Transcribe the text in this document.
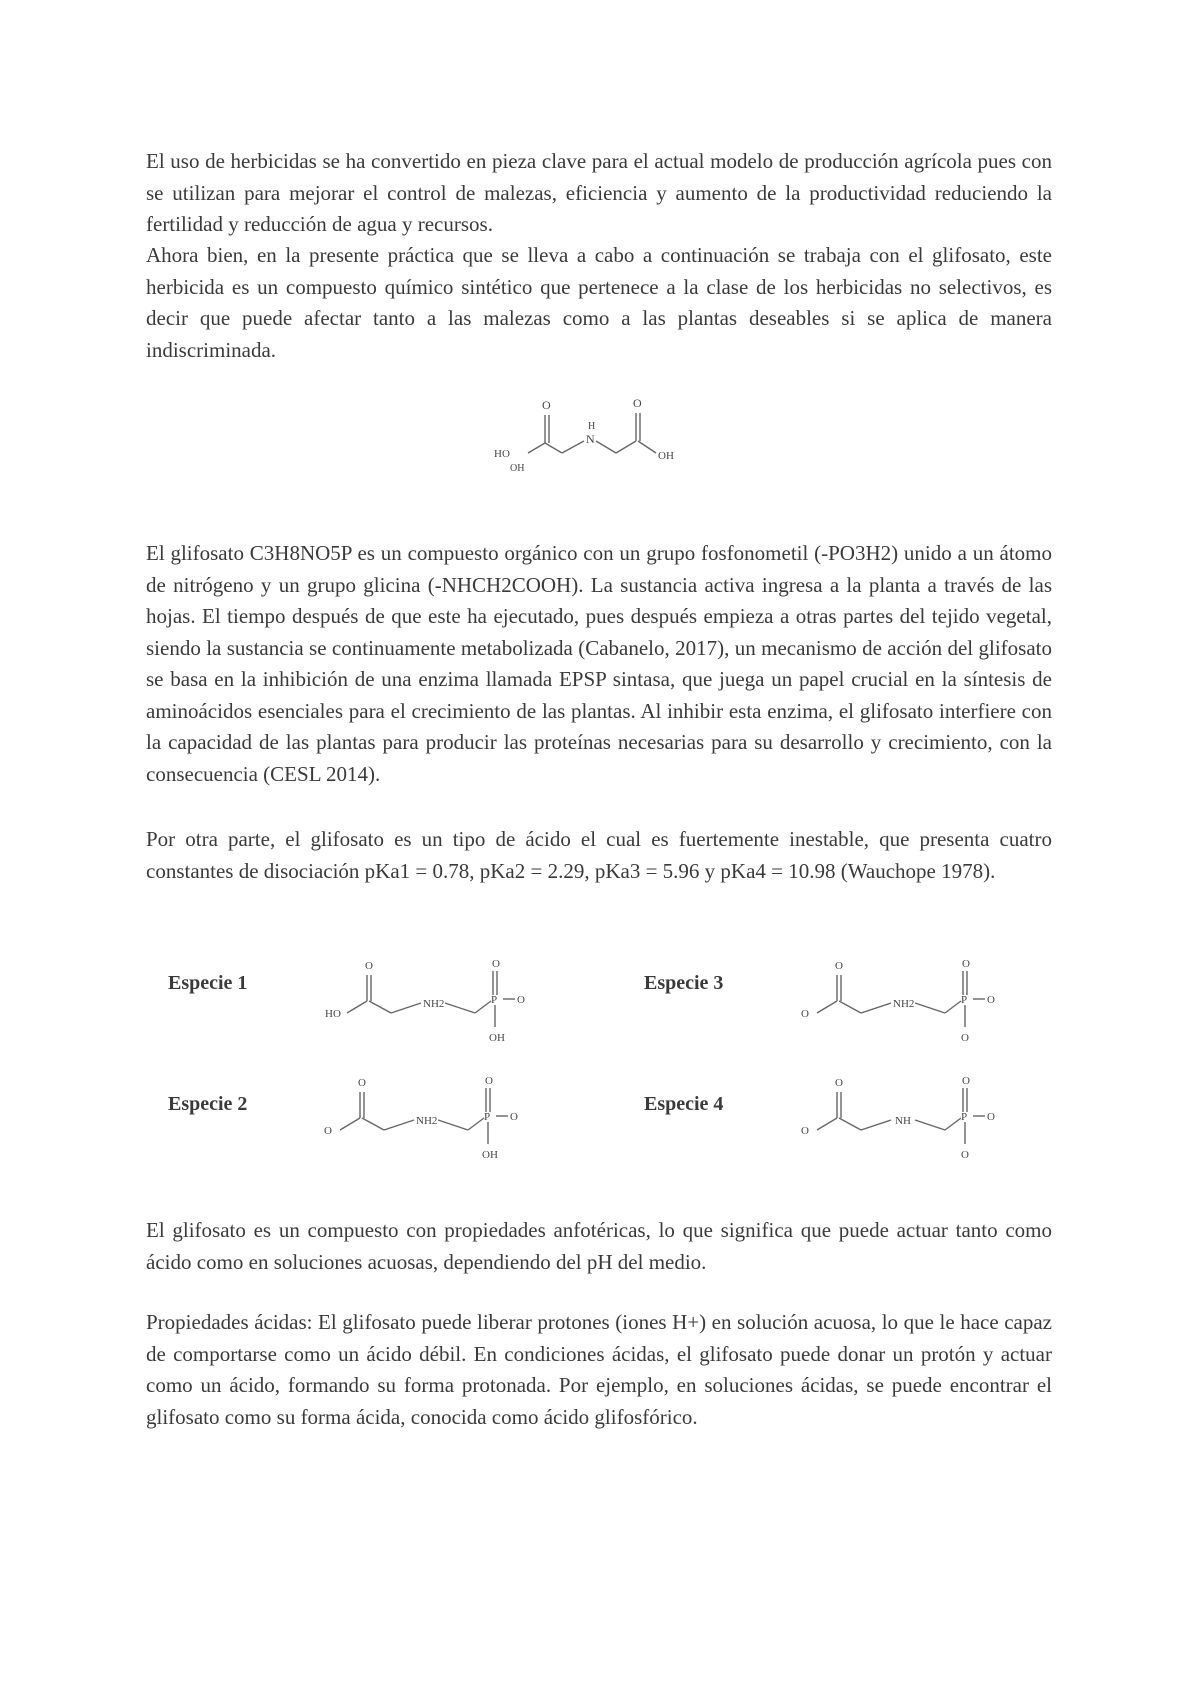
El uso de herbicidas se ha convertido en pieza clave para el actual modelo de producción agrícola pues con se utilizan para mejorar el control de malezas, eficiencia y aumento de la productividad reduciendo la fertilidad y reducción de agua y recursos.

Ahora bien, en la presente práctica que se lleva a cabo a continuación se trabaja con el glifosato, este herbicida es un compuesto químico sintético que pertenece a la clase de los herbicidas no selectivos, es decir que puede afectar tanto a las malezas como a las plantas deseables si se aplica de manera indiscriminada.

O	O
N
H
HO
OH
OH

El glifosato C3H8NO5P es un compuesto orgánico con un grupo fosfonometil (-PO3H2) unido a un átomo de nitrógeno y un grupo glicina (-NHCH2COOH). La sustancia activa ingresa a la planta a través de las hojas. El tiempo después de que este ha ejecutado, pues después empieza a otras partes del tejido vegetal, siendo la sustancia se continuamente metabolizada (Cabanelo, 2017), un mecanismo de acción del glifosato se basa en la inhibición de una enzima llamada EPSP sintasa, que juega un papel crucial en la síntesis de aminoácidos esenciales para el crecimiento de las plantas. Al inhibir esta enzima, el glifosato interfiere con la capacidad de las plantas para producir las proteínas necesarias para su desarrollo y crecimiento, con la consecuencia (CESL 2014).

Por otra parte, el glifosato es un tipo de ácido el cual es fuertemente inestable, que presenta cuatro constantes de disociación pKa1 = 0.78, pKa2 = 2.29, pKa3 = 5.96 y pKa4 = 10.98 (Wauchope 1978).

Especie 1
HO
O
NH2	P
O
O
OH
Especie 2
O
O
NH2	P
O
O
OH
Especie 3
O
O
NH2	P
O
O
O
Especie 4
O
O
NH	P
O
O
O

El glifosato es un compuesto con propiedades anfotéricas, lo que significa que puede actuar tanto como ácido como en soluciones acuosas, dependiendo del pH del medio.

Propiedades ácidas: El glifosato puede liberar protones (iones H+) en solución acuosa, lo que le hace capaz de comportarse como un ácido débil. En condiciones ácidas, el glifosato puede donar un protón y actuar como un ácido, formando su forma protonada. Por ejemplo, en soluciones ácidas, se puede encontrar el glifosato como su forma ácida, conocida como ácido glifosfórico.
